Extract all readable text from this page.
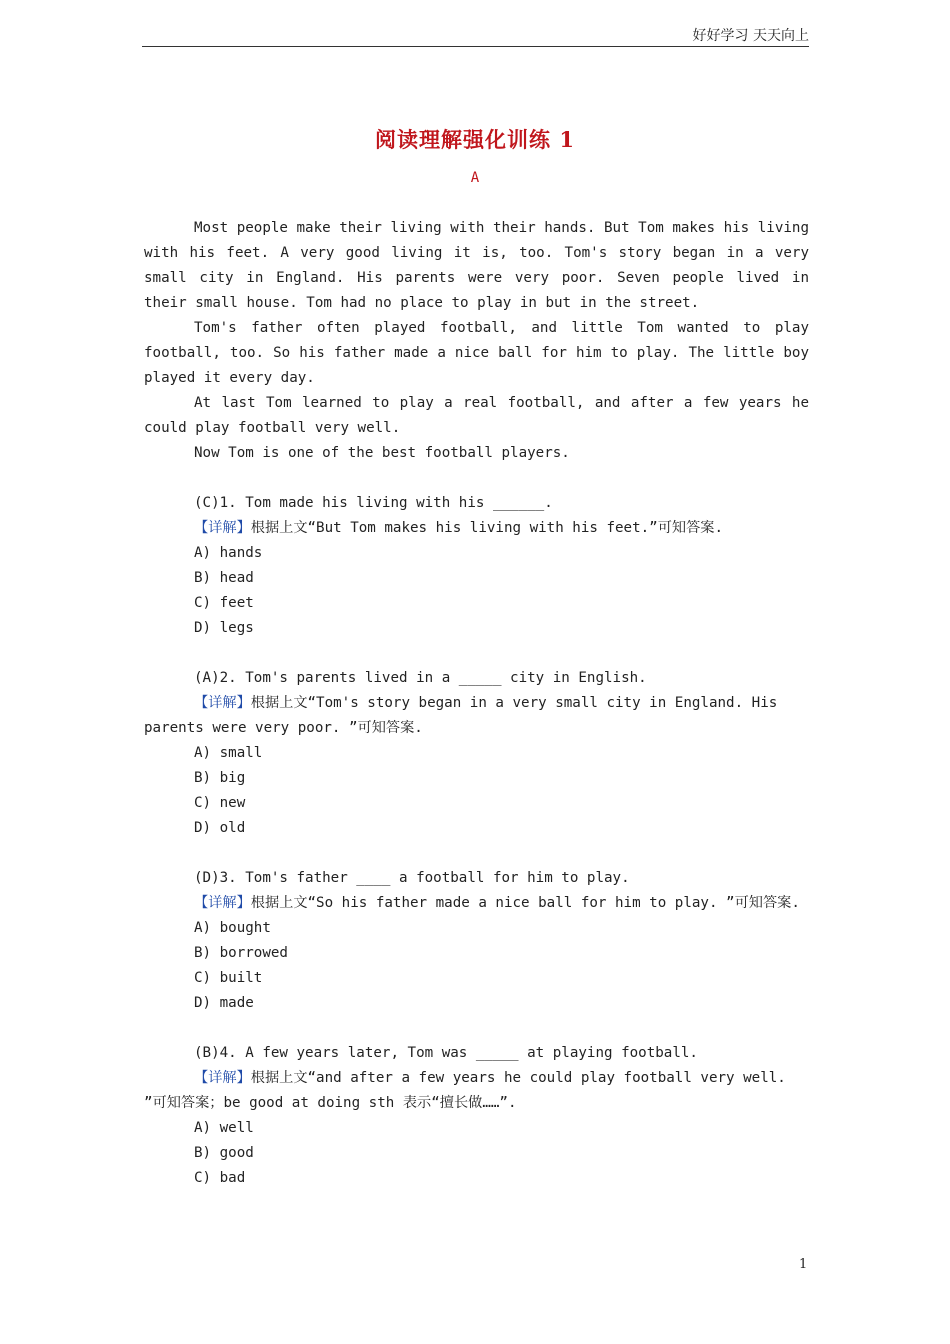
好好学习 天天向上
阅读理解强化训练 1
A

Most people make their living with their hands. But Tom makes his living with his feet. A very good living it is, too. Tom's story began in a very small city in England. His parents were very poor. Seven people lived in their small house. Tom had no place to play in but in the street.

Tom's father often played football, and little Tom wanted to play football, too. So his father made a nice ball for him to play. The little boy played it every day.

At last Tom learned to play a real football, and after a few years he could play football very well.

Now Tom is one of the best football players.

(C)1. Tom made his living with his ______.

【详解】根据上文“But Tom makes his living with his feet.”可知答案.

A) hands

B) head

C) feet

D) legs

(A)2. Tom's parents lived in a _____ city in English.

【详解】根据上文“Tom's story began in a very small city in England. His parents were very poor. ”可知答案.

A) small

B) big

C) new

D) old

(D)3. Tom's father ____ a football for him to play.

【详解】根据上文“So his father made a nice ball for him to play. ”可知答案.

A) bought

B) borrowed

C) built

D) made

(B)4. A few years later, Tom was _____ at playing football.

【详解】根据上文“and after a few years he could play football very well. ”可知答案；be good at doing sth 表示“擅长做……”.

A) well

B) good

C) bad

1
